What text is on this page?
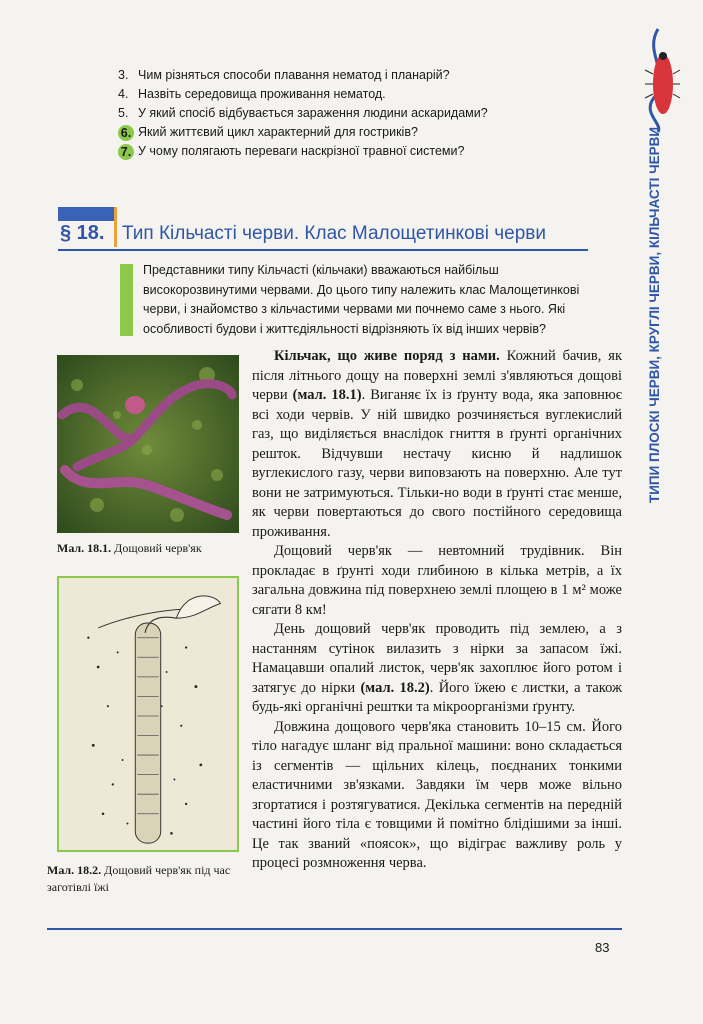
3. Чим різняться способи плавання нематод і планарій?
4. Назвіть середовища проживання нематод.
5. У який спосіб відбувається зараження людини аскаридами?
6. Який життєвий цикл характерний для гостриків?
7. У чому полягають переваги наскрізної травної системи?
§ 18. Тип Кільчасті черви. Клас Малощетинкові черви
Представники типу Кільчасті (кільчаки) вважаються найбільш високорозвинутими червами. До цього типу належить клас Малощетинкові черви, і знайомство з кільчастими червами ми почнемо саме з нього. Які особливості будови і життєдіяльності відрізняють їх від інших червів?
Мал. 18.1. Дощовий черв'як
Мал. 18.2. Дощовий черв'як під час заготівлі їжі

Кільчак, що живе поряд з нами. Кожний бачив, як після літнього дощу на поверхні землі з'являються дощові черви (мал. 18.1). Виганяє їх із ґрунту вода, яка заповнює всі ходи червів. У ній швидко розчиняється вуглекислий газ, що виділяється внаслідок гниття в ґрунті органічних решток. Відчувши нестачу кисню й надлишок вуглекислого газу, черви виповзають на поверхню. Але тут вони не затримуються. Тільки-но води в ґрунті стає менше, як черви повертаються до свого постійного середовища проживання.

Дощовий черв'як — невтомний трудівник. Він прокладає в ґрунті ходи глибиною в кілька метрів, а їх загальна довжина під поверхнею землі площею в 1 м² може сягати 8 км!

День дощовий черв'як проводить під землею, а з настанням сутінок вилазить з нірки за запасом їжі. Намацавши опалий листок, черв'як захоплює його ротом і затягує до нірки (мал. 18.2). Його їжею є листки, а також будь-які органічні рештки та мікроорганізми ґрунту.

Довжина дощового черв'яка становить 10–15 см. Його тіло нагадує шланг від пральної машини: воно складається із сегментів — щільних кілець, поєднаних тонкими еластичними зв'язками. Завдяки їм черв може вільно згортатися і розтягуватися. Декілька сегментів на передній частині його тіла є товщими й помітно блідішими за інші. Це так званий «поясок», що відіграє важливу роль у процесі розмноження черва.

83
ТИПИ ПЛОСКІ ЧЕРВИ, КРУГЛІ ЧЕРВИ, КІЛЬЧАСТІ ЧЕРВИ
